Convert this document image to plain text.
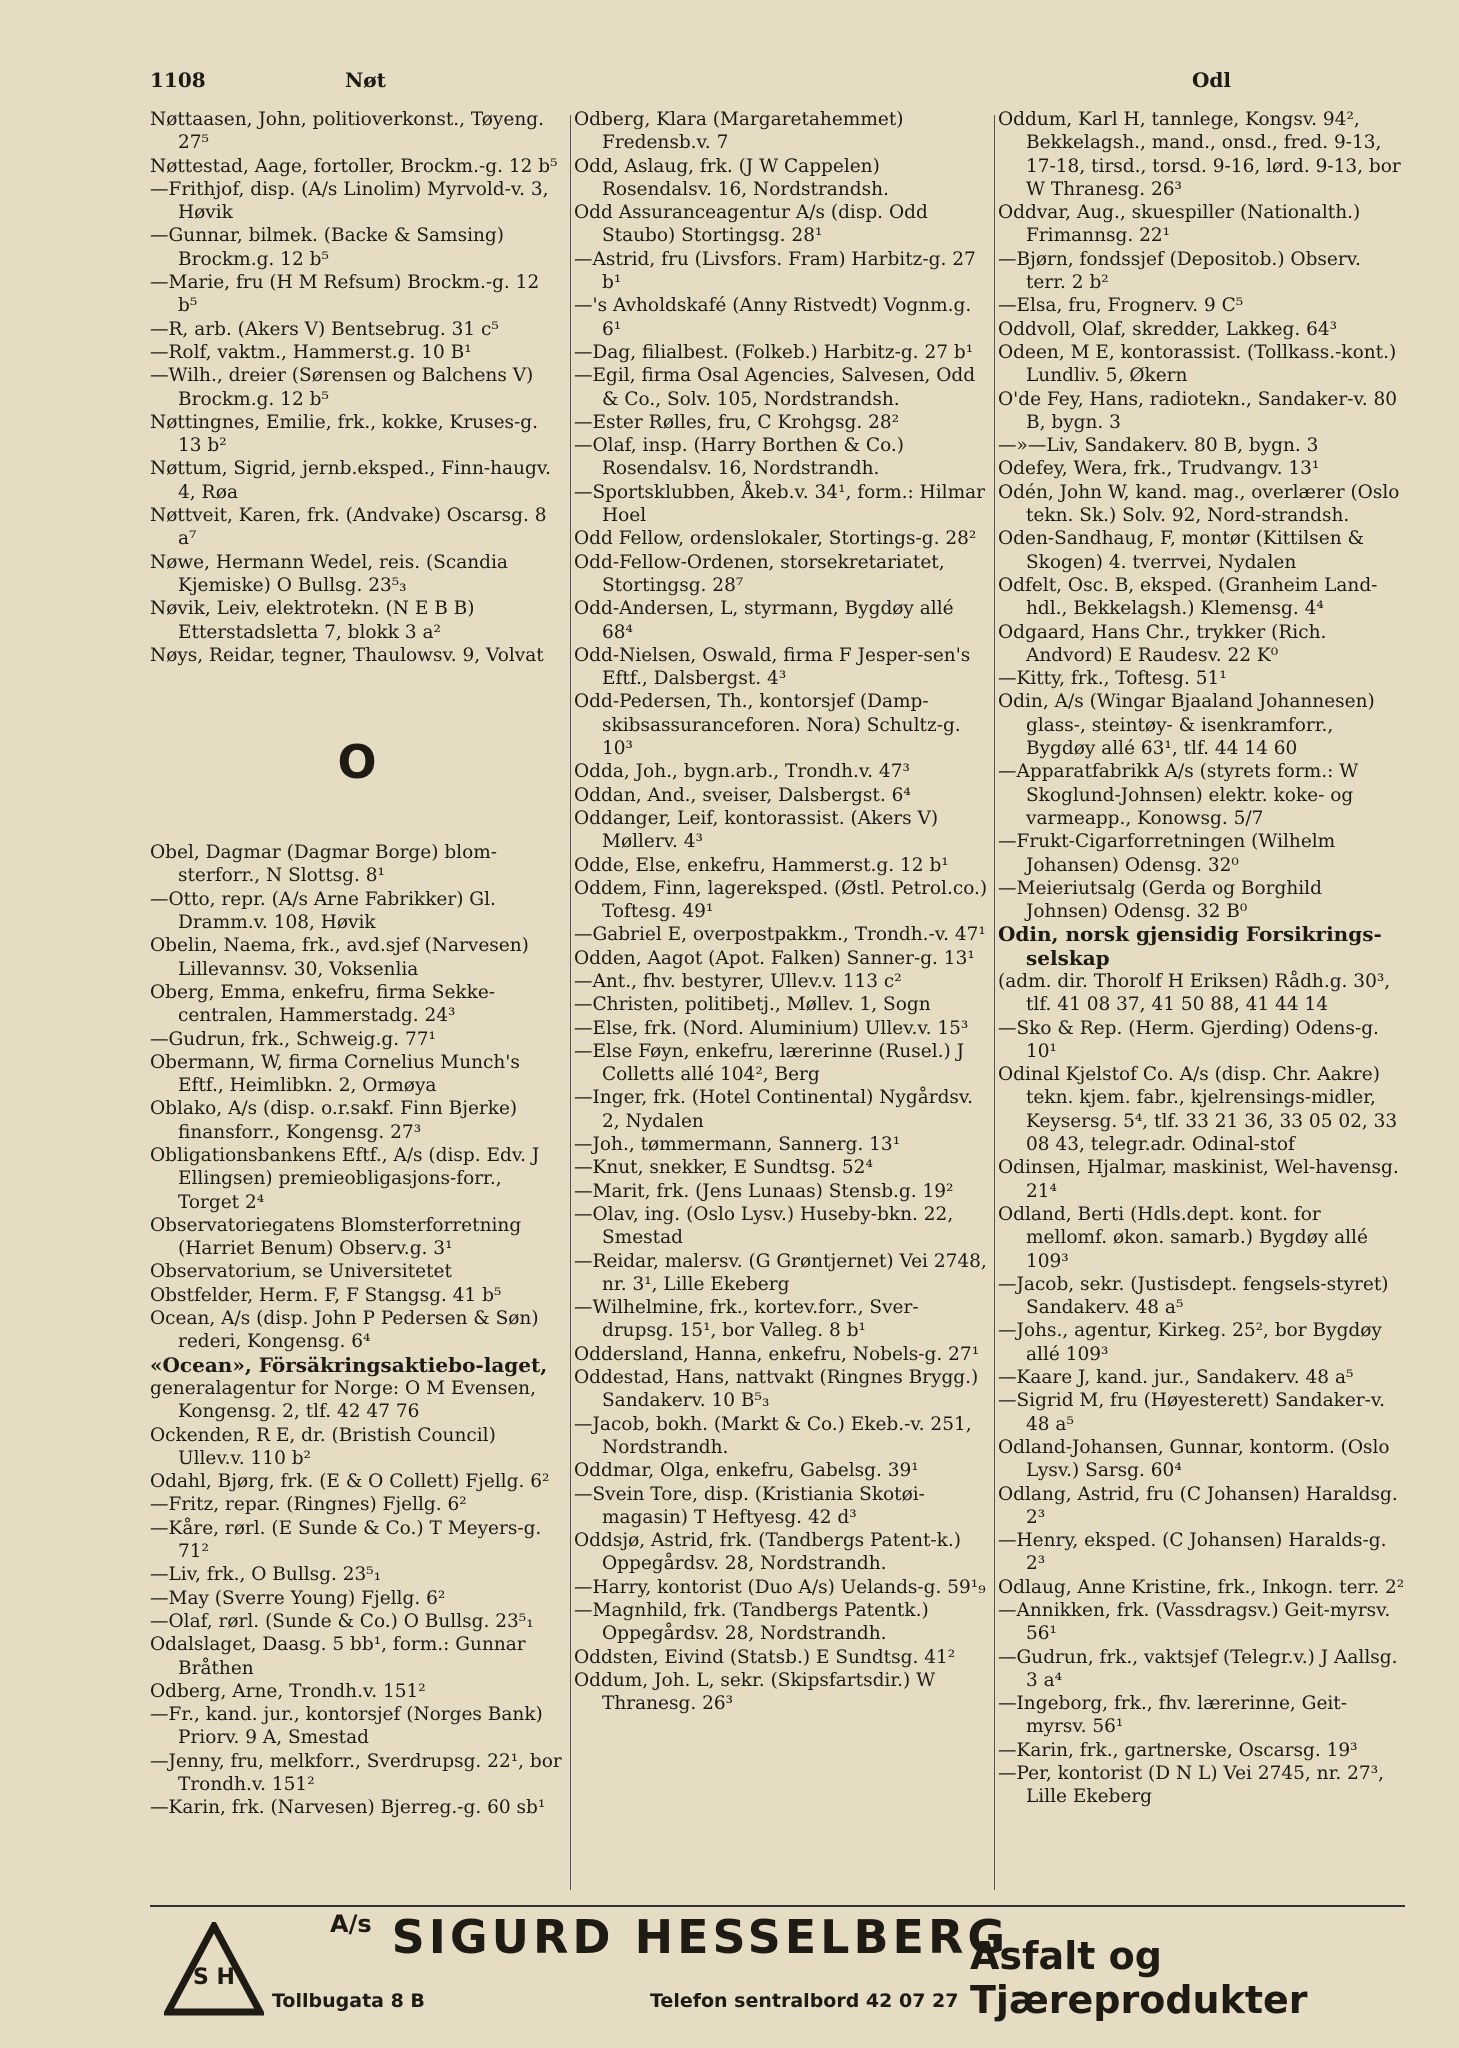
1108	Nøt	Odl

Nøttaasen, John, politioverkonst., Tøyeng. 27⁵

Nøttestad, Aage, fortoller, Brockm.-g. 12 b⁵

—Frithjof, disp. (A/s Linolim) Myrvold-v. 3, Høvik

—Gunnar, bilmek. (Backe & Samsing) Brockm.g. 12 b⁵

—Marie, fru (H M Refsum) Brockm.-g. 12 b⁵

—R, arb. (Akers V) Bentsebrug. 31 c⁵

—Rolf, vaktm., Hammerst.g. 10 B¹

—Wilh., dreier (Sørensen og Balchens V) Brockm.g. 12 b⁵

Nøttingnes, Emilie, frk., kokke, Kruses-g. 13 b²

Nøttum, Sigrid, jernb.eksped., Finn-haugv. 4, Røa

Nøttveit, Karen, frk. (Andvake) Oscarsg. 8 a⁷

Nøwe, Hermann Wedel, reis. (Scandia Kjemiske) O Bullsg. 23⁵₃

Nøvik, Leiv, elektrotekn. (N E B B) Etterstadsletta 7, blokk 3 a²

Nøys, Reidar, tegner, Thaulowsv. 9, Volvat

O

Obel, Dagmar (Dagmar Borge) blom-sterforr., N Slottsg. 8¹

—Otto, repr. (A/s Arne Fabrikker) Gl. Dramm.v. 108, Høvik

Obelin, Naema, frk., avd.sjef (Narvesen) Lillevannsv. 30, Voksenlia

Oberg, Emma, enkefru, firma Sekke-centralen, Hammerstadg. 24³

—Gudrun, frk., Schweig.g. 77¹

Obermann, W, firma Cornelius Munch's Eftf., Heimlibkn. 2, Ormøya

Oblako, A/s (disp. o.r.sakf. Finn Bjerke) finansforr., Kongensg. 27³

Obligationsbankens Eftf., A/s (disp. Edv. J Ellingsen) premieobligasjons-forr., Torget 2⁴

Observatoriegatens Blomsterforretning (Harriet Benum) Observ.g. 3¹

Observatorium, se Universitetet

Obstfelder, Herm. F, F Stangsg. 41 b⁵

Ocean, A/s (disp. John P Pedersen & Søn) rederi, Kongensg. 6⁴

«Ocean», Försäkringsaktiebo-laget,

generalagentur for Norge: O M Evensen, Kongensg. 2, tlf. 42 47 76

Ockenden, R E, dr. (Bristish Council) Ullev.v. 110 b²

Odahl, Bjørg, frk. (E & O Collett) Fjellg. 6²

—Fritz, repar. (Ringnes) Fjellg. 6²

—Kåre, rørl. (E Sunde & Co.) T Meyers-g. 71²

—Liv, frk., O Bullsg. 23⁵₁

—May (Sverre Young) Fjellg. 6²

—Olaf, rørl. (Sunde & Co.) O Bullsg. 23⁵₁

Odalslaget, Daasg. 5 bb¹, form.: Gunnar Bråthen

Odberg, Arne, Trondh.v. 151²

—Fr., kand. jur., kontorsjef (Norges Bank) Priorv. 9 A, Smestad

—Jenny, fru, melkforr., Sverdrupsg. 22¹, bor Trondh.v. 151²

—Karin, frk. (Narvesen) Bjerreg.-g. 60 sb¹

Odberg, Klara (Margaretahemmet) Fredensb.v. 7

Odd, Aslaug, frk. (J W Cappelen) Rosendalsv. 16, Nordstrandsh.

Odd Assuranceagentur A/s (disp. Odd Staubo) Stortingsg. 28¹

—Astrid, fru (Livsfors. Fram) Harbitz-g. 27 b¹

—'s Avholdskafé (Anny Ristvedt) Vognm.g. 6¹

—Dag, filialbest. (Folkeb.) Harbitz-g. 27 b¹

—Egil, firma Osal Agencies, Salvesen, Odd & Co., Solv. 105, Nordstrandsh.

—Ester Rølles, fru, C Krohgsg. 28²

—Olaf, insp. (Harry Borthen & Co.) Rosendalsv. 16, Nordstrandh.

—Sportsklubben, Åkeb.v. 34¹, form.: Hilmar Hoel

Odd Fellow, ordenslokaler, Stortings-g. 28²

Odd-Fellow-Ordenen, storsekretariatet, Stortingsg. 28⁷

Odd-Andersen, L, styrmann, Bygdøy allé 68⁴

Odd-Nielsen, Oswald, firma F Jesper-sen's Eftf., Dalsbergst. 4³

Odd-Pedersen, Th., kontorsjef (Damp-skibsassuranceforen. Nora) Schultz-g. 10³

Odda, Joh., bygn.arb., Trondh.v. 47³

Oddan, And., sveiser, Dalsbergst. 6⁴

Oddanger, Leif, kontorassist. (Akers V) Møllerv. 4³

Odde, Else, enkefru, Hammerst.g. 12 b¹

Oddem, Finn, lagereksped. (Østl. Petrol.co.) Toftesg. 49¹

—Gabriel E, overpostpakkm., Trondh.-v. 47¹

Odden, Aagot (Apot. Falken) Sanner-g. 13¹

—Ant., fhv. bestyrer, Ullev.v. 113 c²

—Christen, politibetj., Møllev. 1, Sogn

—Else, frk. (Nord. Aluminium) Ullev.v. 15³

—Else Føyn, enkefru, lærerinne (Rusel.) J Colletts allé 104², Berg

—Inger, frk. (Hotel Continental) Nygårdsv. 2, Nydalen

—Joh., tømmermann, Sannerg. 13¹

—Knut, snekker, E Sundtsg. 52⁴

—Marit, frk. (Jens Lunaas) Stensb.g. 19²

—Olav, ing. (Oslo Lysv.) Huseby-bkn. 22, Smestad

—Reidar, malersv. (G Grøntjernet) Vei 2748, nr. 3¹, Lille Ekeberg

—Wilhelmine, frk., kortev.forr., Sver-drupsg. 15¹, bor Valleg. 8 b¹

Oddersland, Hanna, enkefru, Nobels-g. 27¹

Oddestad, Hans, nattvakt (Ringnes Brygg.) Sandakerv. 10 B⁵₃

—Jacob, bokh. (Markt & Co.) Ekeb.-v. 251, Nordstrandh.

Oddmar, Olga, enkefru, Gabelsg. 39¹

—Svein Tore, disp. (Kristiania Skotøi-magasin) T Heftyesg. 42 d³

Oddsjø, Astrid, frk. (Tandbergs Patent-k.) Oppegårdsv. 28, Nordstrandh.

—Harry, kontorist (Duo A/s) Uelands-g. 59¹₉

—Magnhild, frk. (Tandbergs Patentk.) Oppegårdsv. 28, Nordstrandh.

Oddsten, Eivind (Statsb.) E Sundtsg. 41²

Oddum, Joh. L, sekr. (Skipsfartsdir.) W Thranesg. 26³

Oddum, Karl H, tannlege, Kongsv. 94², Bekkelagsh., mand., onsd., fred. 9-13, 17-18, tirsd., torsd. 9-16, lørd. 9-13, bor W Thranesg. 26³

Oddvar, Aug., skuespiller (Nationalth.) Frimannsg. 22¹

—Bjørn, fondssjef (Depositob.) Observ. terr. 2 b²

—Elsa, fru, Frognerv. 9 C⁵

Oddvoll, Olaf, skredder, Lakkeg. 64³

Odeen, M E, kontorassist. (Tollkass.-kont.) Lundliv. 5, Økern

O'de Fey, Hans, radiotekn., Sandaker-v. 80 B, bygn. 3

—»—Liv, Sandakerv. 80 B, bygn. 3

Odefey, Wera, frk., Trudvangv. 13¹

Odén, John W, kand. mag., overlærer (Oslo tekn. Sk.) Solv. 92, Nord-strandsh.

Oden-Sandhaug, F, montør (Kittilsen & Skogen) 4. tverrvei, Nydalen

Odfelt, Osc. B, eksped. (Granheim Land-hdl., Bekkelagsh.) Klemensg. 4⁴

Odgaard, Hans Chr., trykker (Rich. Andvord) E Raudesv. 22 K⁰

—Kitty, frk., Toftesg. 51¹

Odin, A/s (Wingar Bjaaland Johannesen) glass-, steintøy- & isenkramforr., Bygdøy allé 63¹, tlf. 44 14 60

—Apparatfabrikk A/s (styrets form.: W Skoglund-Johnsen) elektr. koke- og varmeapp., Konowsg. 5/7

—Frukt-Cigarforretningen (Wilhelm Johansen) Odensg. 32⁰

—Meieriutsalg (Gerda og Borghild Johnsen) Odensg. 32 B⁰

Odin, norsk gjensidig Forsikrings-selskap

(adm. dir. Thorolf H Eriksen) Rådh.g. 30³, tlf. 41 08 37, 41 50 88, 41 44 14

—Sko & Rep. (Herm. Gjerding) Odens-g. 10¹

Odinal Kjelstof Co. A/s (disp. Chr. Aakre) tekn. kjem. fabr., kjelrensings-midler, Keysersg. 5⁴, tlf. 33 21 36, 33 05 02, 33 08 43, telegr.adr. Odinal-stof

Odinsen, Hjalmar, maskinist, Wel-havensg. 21⁴

Odland, Berti (Hdls.dept. kont. for mellomf. økon. samarb.) Bygdøy allé 109³

—Jacob, sekr. (Justisdept. fengsels-styret) Sandakerv. 48 a⁵

—Johs., agentur, Kirkeg. 25², bor Bygdøy allé 109³

—Kaare J, kand. jur., Sandakerv. 48 a⁵

—Sigrid M, fru (Høyesterett) Sandaker-v. 48 a⁵

Odland-Johansen, Gunnar, kontorm. (Oslo Lysv.) Sarsg. 60⁴

Odlang, Astrid, fru (C Johansen) Haraldsg. 2³

—Henry, eksped. (C Johansen) Haralds-g. 2³

Odlaug, Anne Kristine, frk., Inkogn. terr. 2²

—Annikken, frk. (Vassdragsv.) Geit-myrsv. 56¹

—Gudrun, frk., vaktsjef (Telegr.v.) J Aallsg. 3 a⁴

—Ingeborg, frk., fhv. lærerinne, Geit-myrsv. 56¹

—Karin, frk., gartnerske, Oscarsg. 19³

—Per, kontorist (D N L) Vei 2745, nr. 27³, Lille Ekeberg

S H
$^{A/s}$ SIGURD HESSELBERG
Tollbugata 8 B	Telefon sentralbord 42 07 27
Asfalt og Tjæreprodukter
